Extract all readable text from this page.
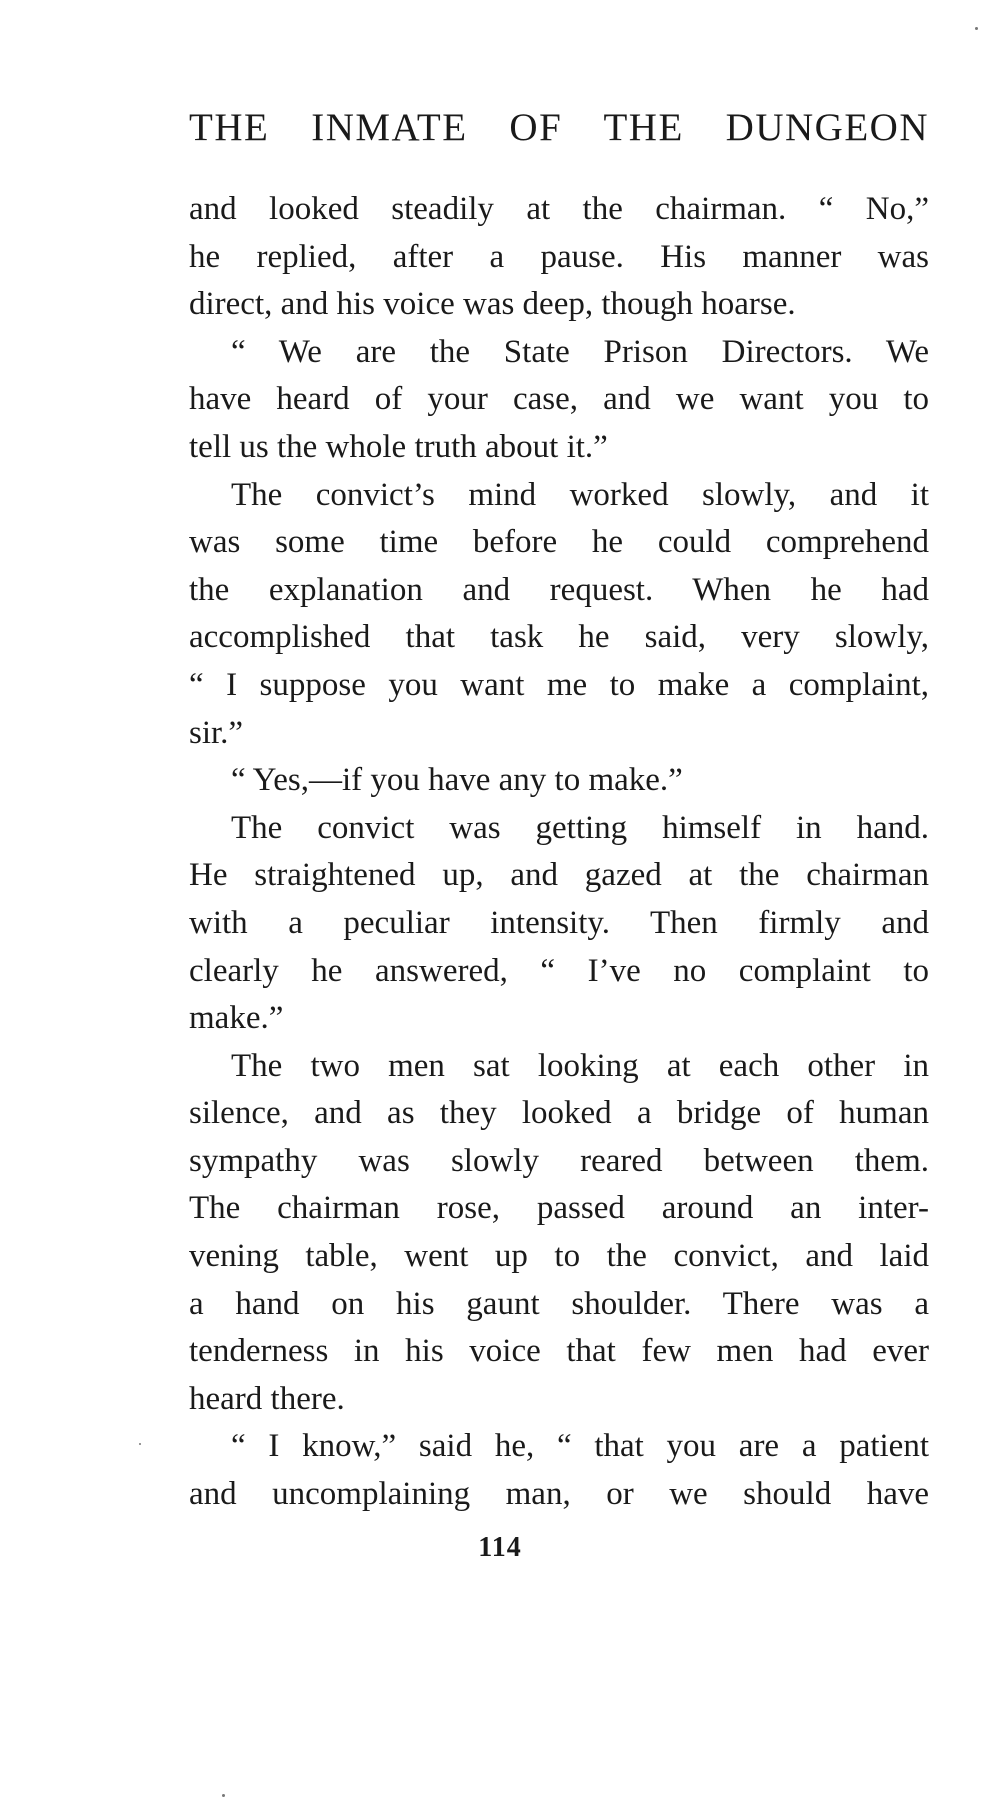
THE INMATE OF THE DUNGEON
and looked steadily at the chairman. “ No,”
he replied, after a pause. His manner was
direct, and his voice was deep, though hoarse.
“ We are the State Prison Directors. We
have heard of your case, and we want you to
tell us the whole truth about it.”
The convict’s mind worked slowly, and it
was some time before he could comprehend
the explanation and request. When he had
accomplished that task he said, very slowly,
“ I suppose you want me to make a complaint,
sir.”
“ Yes,—if you have any to make.”
The convict was getting himself in hand.
He straightened up, and gazed at the chairman
with a peculiar intensity. Then firmly and
clearly he answered, “ I’ve no complaint to
make.”
The two men sat looking at each other in
silence, and as they looked a bridge of human
sympathy was slowly reared between them.
The chairman rose, passed around an inter-
vening table, went up to the convict, and laid
a hand on his gaunt shoulder. There was a
tenderness in his voice that few men had ever
heard there.
“ I know,” said he, “ that you are a patient
and uncomplaining man, or we should have
114
